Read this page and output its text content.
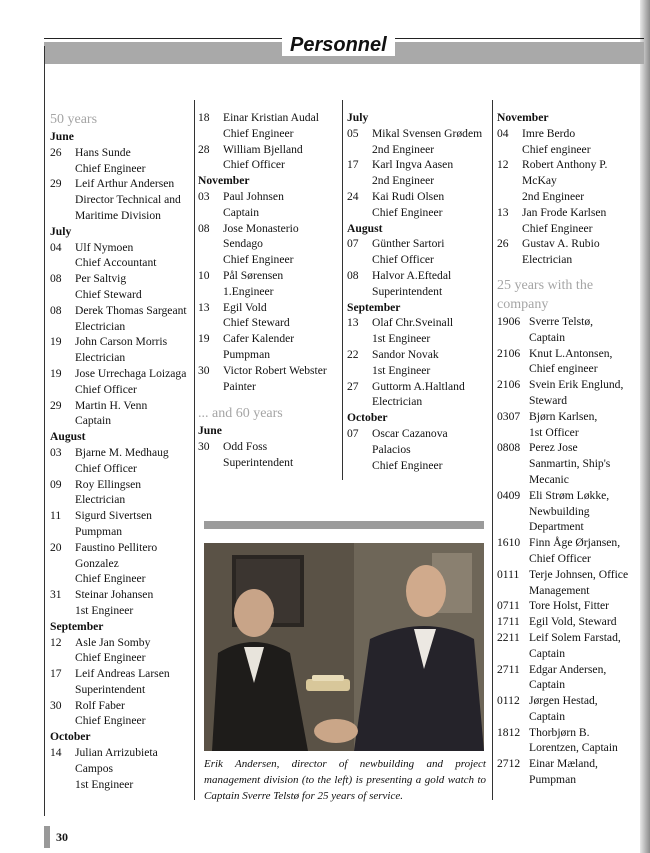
Personnel
50 years
June
26	Hans Sunde
Chief Engineer
29	Leif Arthur Andersen
Director Technical and
Maritime Division
July
04	Ulf Nymoen
Chief Accountant
08	Per Saltvig
Chief Steward
08	Derek Thomas Sargeant
Electrician
19	John Carson Morris
Electrician
19	Jose Urrechaga Loizaga
Chief Officer
29	Martin H. Venn
Captain
August
03	Bjarne M. Medhaug
Chief Officer
09	Roy Ellingsen
Electrician
11	Sigurd Sivertsen
Pumpman
20	Faustino Pellitero
Gonzalez
Chief Engineer
31	Steinar Johansen
1st Engineer
September
12	Asle Jan Somby
Chief Engineer
17	Leif Andreas Larsen
Superintendent
30	Rolf Faber
Chief Engineer
October
14	Julian Arrizubieta
Campos
1st Engineer
18	Einar Kristian Audal
Chief Engineer
28	William Bjelland
Chief Officer
November
03	Paul Johnsen
Captain
08	Jose Monasterio
Sendago
Chief Engineer
10	Pål Sørensen
1.Engineer
13	Egil Vold
Chief Steward
19	Cafer Kalender
Pumpman
30	Victor Robert Webster
Painter
... and 60 years
June
30	Odd Foss
Superintendent
July
05	Mikal Svensen Grødem
2nd Engineer
17	Karl Ingva Aasen
2nd Engineer
24	Kai Rudi Olsen
Chief Engineer
August
07	Günther Sartori
Chief Officer
08	Halvor A.Eftedal
Superintendent
September
13	Olaf Chr.Sveinall
1st Engineer
22	Sandor Novak
1st Engineer
27	Guttorm A.Haltland
Electrician
October
07	Oscar Cazanova
Palacios
Chief Engineer
November
04	Imre Berdo
Chief engineer
12	Robert Anthony P.
McKay
2nd Engineer
13	Jan Frode Karlsen
Chief Engineer
26	Gustav A. Rubio
Electrician
25 years with the company
1906 Sverre Telstø,
Captain
2106 Knut L.Antonsen,
Chief engineer
2106 Svein Erik Englund,
Steward
0307 Bjørn Karlsen,
1st Officer
0808 Perez Jose
Sanmartin, Ship's
Mecanic
0409 Eli Strøm Løkke,
Newbuilding
Department
1610 Finn Åge Ørjansen,
Chief Officer
0111 Terje Johnsen, Office
Management
0711 Tore Holst, Fitter
1711 Egil Vold, Steward
2211 Leif Solem Farstad,
Captain
2711 Edgar Andersen,
Captain
0112 Jørgen Hestad,
Captain
1812 Thorbjørn B.
Lorentzen, Captain
2712 Einar Mæland,
Pumpman
Erik Andersen, director of newbuilding and project management division (to the left) is presenting a gold watch to Captain Sverre Telstø for 25 years of service.
30
